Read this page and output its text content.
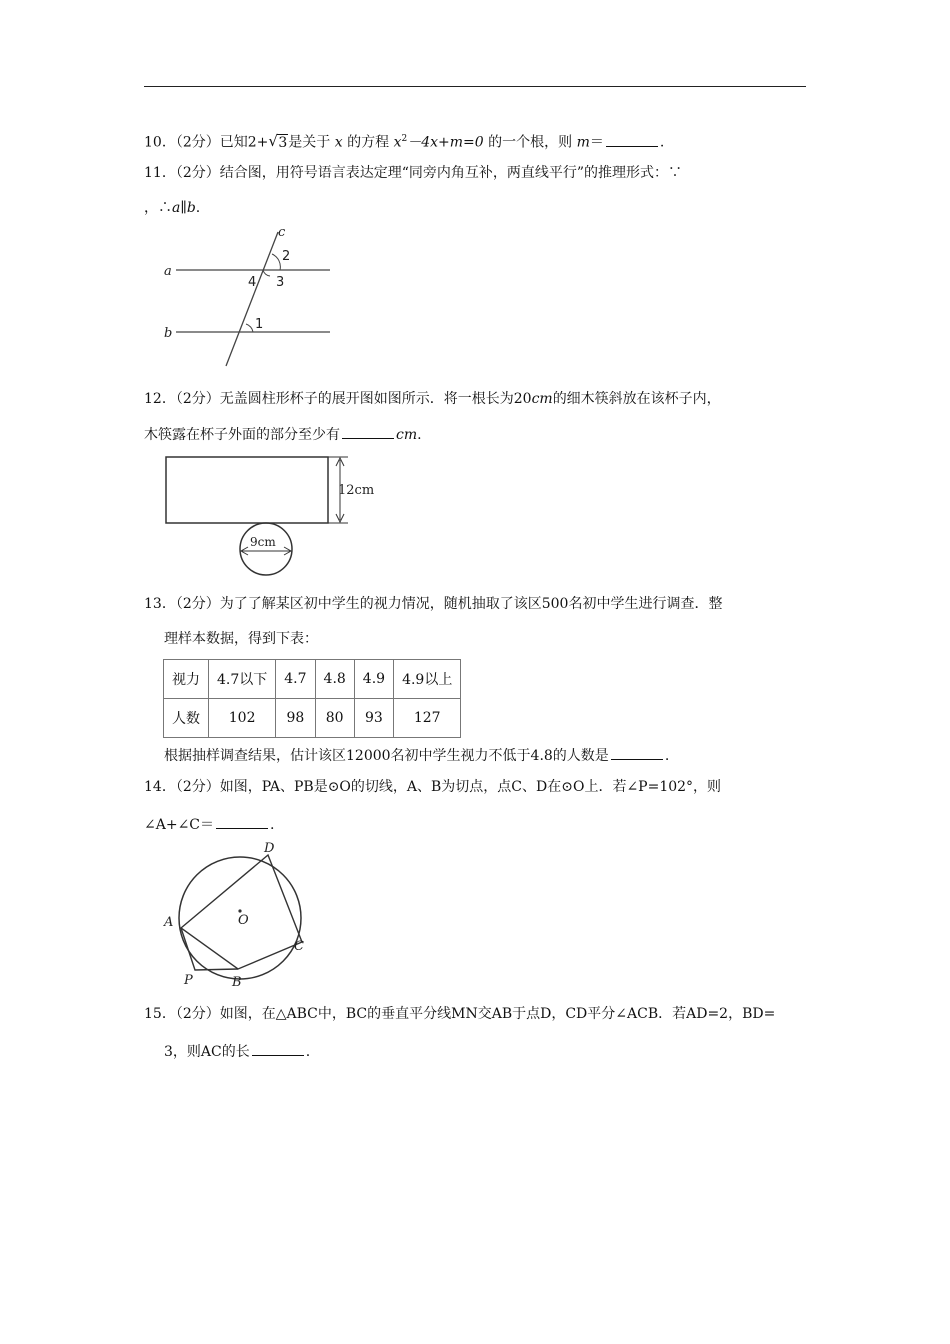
10．（2分）已知2+ √ 3是关于 x 的方程 $x^2-4x+m=0$ 的一个根，则 m＝	.
11．（2分）结合图，用符号语言表达定理“同旁内角互补，两直线平行”的推理形式：∵
，∴a∥b.
a
b
c
2
3
4
1
12．（2分）无盖圆柱形杯子的展开图如图所示．将一根长为20cm的细木筷斜放在该杯子内，
木筷露在杯子外面的部分至少有	cm.
12cm
9cm
13．（2分）为了了解某区初中学生的视力情况，随机抽取了该区500名初中学生进行调查．整
理样本数据，得到下表：
视力	4.7以下	4.7	4.8	4.9	4.9以上
人数	102	98	80	93	127
根据抽样调查结果，估计该区12000名初中学生视力不低于4.8的人数是	.
14．（2分）如图，PA、PB是⊙O的切线，A、B为切点，点C、D在⊙O上．若∠P=102°，则
∠A+∠C＝	.
O
D
A
C
P	B
15．（2分）如图，在△ABC中，BC的垂直平分线MN交AB于点D，CD平分∠ACB．若AD=2，BD=
3，则AC的长	.
